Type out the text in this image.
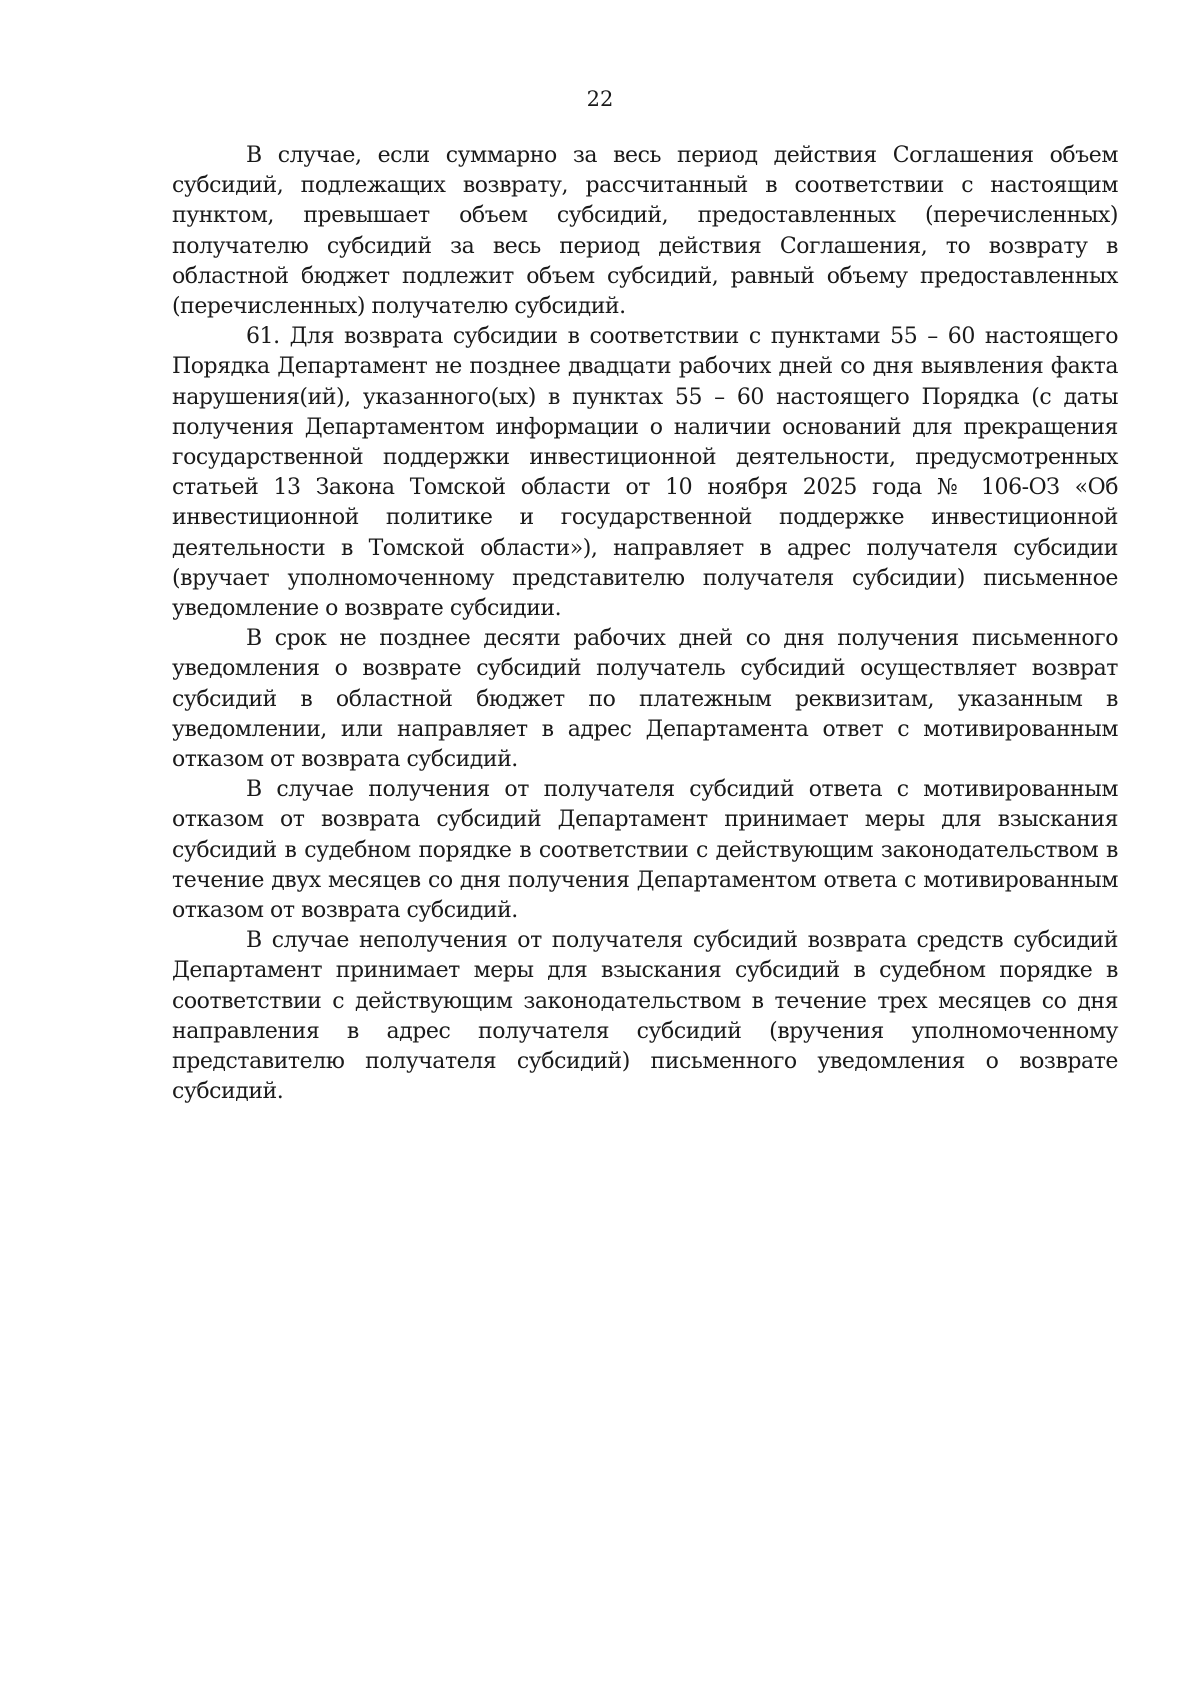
22

В случае, если суммарно за весь период действия Соглашения объем субсидий, подлежащих возврату, рассчитанный в соответствии с настоящим пунктом, превышает объем субсидий, предоставленных (перечисленных) получателю субсидий за весь период действия Соглашения, то возврату в областной бюджет подлежит объем субсидий, равный объему предоставленных (перечисленных) получателю субсидий.

61. Для возврата субсидии в соответствии с пунктами 55 – 60 настоящего Порядка Департамент не позднее двадцати рабочих дней со дня выявления факта нарушения(ий), указанного(ых) в пунктах 55 – 60 настоящего Порядка (с даты получения Департаментом информации о наличии оснований для прекращения государственной поддержки инвестиционной деятельности, предусмотренных статьей 13 Закона Томской области от 10 ноября 2025 года № 106-ОЗ «Об инвестиционной политике и государственной поддержке инвестиционной деятельности в Томской области»), направляет в адрес получателя субсидии (вручает уполномоченному представителю получателя субсидии) письменное уведомление о возврате субсидии.

В срок не позднее десяти рабочих дней со дня получения письменного уведомления о возврате субсидий получатель субсидий осуществляет возврат субсидий в областной бюджет по платежным реквизитам, указанным в уведомлении, или направляет в адрес Департамента ответ с мотивированным отказом от возврата субсидий.

В случае получения от получателя субсидий ответа с мотивированным отказом от возврата субсидий Департамент принимает меры для взыскания субсидий в судебном порядке в соответствии с действующим законодательством в течение двух месяцев со дня получения Департаментом ответа с мотивированным отказом от возврата субсидий.

В случае неполучения от получателя субсидий возврата средств субсидий Департамент принимает меры для взыскания субсидий в судебном порядке в соответствии с действующим законодательством в течение трех месяцев со дня направления в адрес получателя субсидий (вручения уполномоченному представителю получателя субсидий) письменного уведомления о возврате субсидий.
